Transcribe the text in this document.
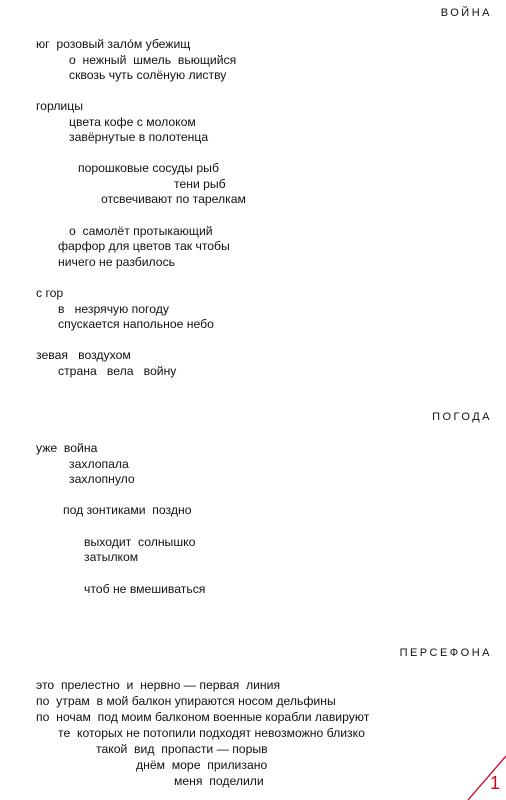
ВОЙНА
юг  розовый зало́м убежищ
о  нежный  шмель  вьющийся
сквозь чуть солёную листву
горлицы
цвета кофе с молоком
завёрнутые в полотенца
порошковые сосуды рыб
тени рыб
отсвечивают по тарелкам
о  самолёт протыкающий
фарфор для цветов так чтобы
ничего не разбилось
с гор
в   незрячую погоду
спускается напольное небо
зевая   воздухом
страна   вела   войну
ПОГОДА
уже  война
захлопала
захлопнуло
под зонтиками  поздно
выходит  солнышко
затылком
чтоб не вмешиваться
ПЕРСЕФОНА
это  прелестно  и  нервно — первая  линия
по  утрам  в мой балкон упираются носом дельфины
по  ночам  под моим балконом военные корабли лавируют
те  которых не потопили подходят невозможно близко
такой  вид  пропасти — порыв
днём  море  прилизано
меня  поделили	1
